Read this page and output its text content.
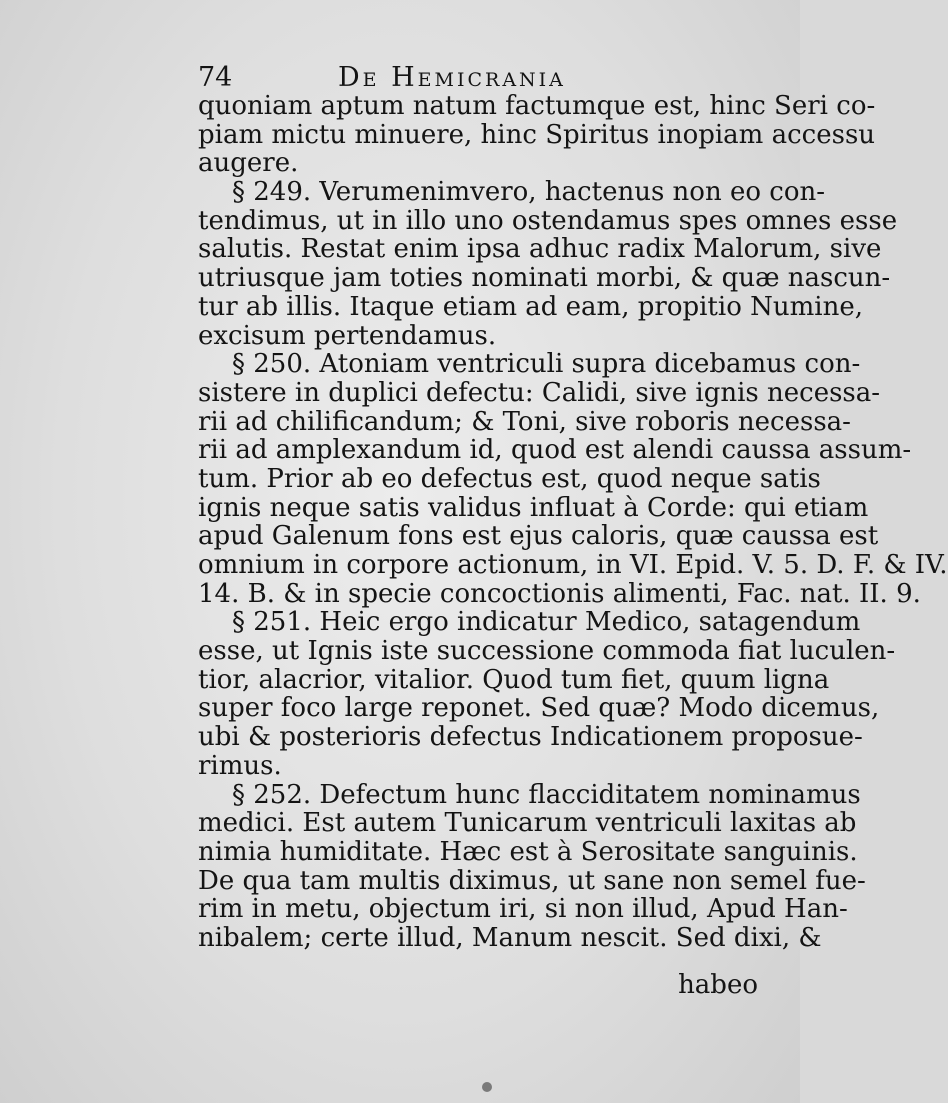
74	De Hemicrania
quoniam aptum natum factumque est, hinc Seri co-
piam mictu minuere, hinc Spiritus inopiam accessu
augere.
§ 249. Verumenimvero, hactenus non eo con-
tendimus, ut in illo uno ostendamus spes omnes esse
salutis. Restat enim ipsa adhuc radix Malorum, sive
utriusque jam toties nominati morbi, & quæ nascun-
tur ab illis. Itaque etiam ad eam, propitio Numine,
excisum pertendamus.
§ 250. Atoniam ventriculi supra dicebamus con-
sistere in duplici defectu: Calidi, sive ignis necessa-
rii ad chilificandum; & Toni, sive roboris necessa-
rii ad amplexandum id, quod est alendi caussa assum-
tum. Prior ab eo defectus est, quod neque satis
ignis neque satis validus influat à Corde: qui etiam
apud Galenum fons est ejus caloris, quæ caussa est
omnium in corpore actionum, in VI. Epid. V. 5. D. F. & IV.
14. B. & in specie concoctionis alimenti, Fac. nat. II. 9.
§ 251. Heic ergo indicatur Medico, satagendum
esse, ut Ignis iste successione commoda fiat luculen-
tior, alacrior, vitalior. Quod tum fiet, quum ligna
super foco large reponet. Sed quæ? Modo dicemus,
ubi & posterioris defectus Indicationem proposue-
rimus.
§ 252. Defectum hunc flacciditatem nominamus
medici. Est autem Tunicarum ventriculi laxitas ab
nimia humiditate. Hæc est à Serositate sanguinis.
De qua tam multis diximus, ut sane non semel fue-
rim in metu, objectum iri, si non illud, Apud Han-
nibalem; certe illud, Manum nescit. Sed dixi, &
habeo
